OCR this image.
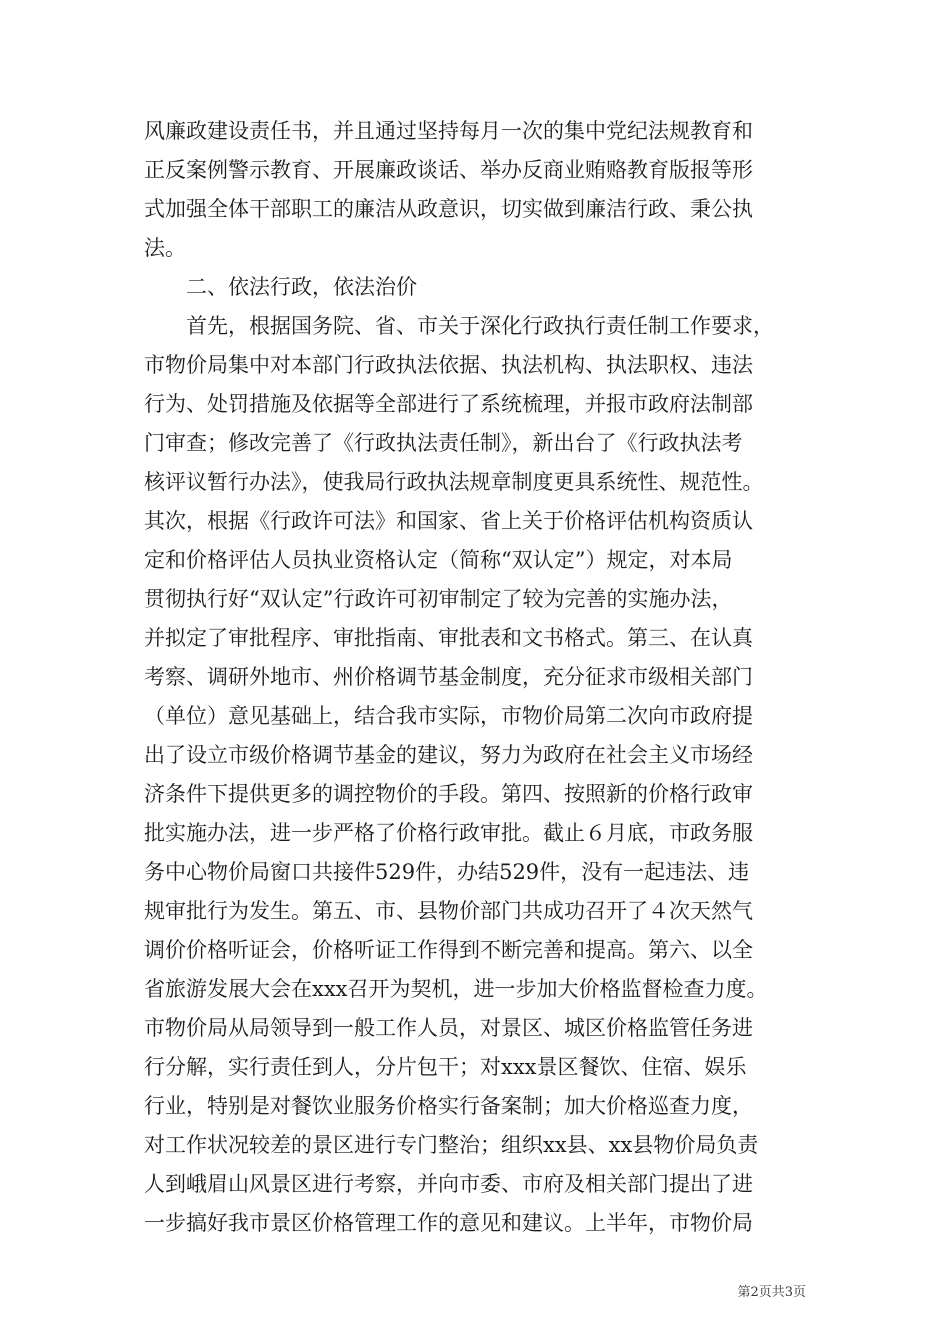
风廉政建设责任书，并且通过坚持每月一次的集中党纪法规教育和
正反案例警示教育、开展廉政谈话、举办反商业贿赂教育版报等形
式加强全体干部职工的廉洁从政意识，切实做到廉洁行政、秉公执
法。
　　二、依法行政，依法治价
　　首先，根据国务院、省、市关于深化行政执行责任制工作要求，
市物价局集中对本部门行政执法依据、执法机构、执法职权、违法
行为、处罚措施及依据等全部进行了系统梳理，并报市政府法制部
门审查；修改完善了《行政执法责任制》，新出台了《行政执法考
核评议暂行办法》，使我局行政执法规章制度更具系统性、规范性。
其次，根据《行政许可法》和国家、省上关于价格评估机构资质认
定和价格评估人员执业资格认定（简称“双认定”）规定，对本局
贯彻执行好“双认定”行政许可初审制定了较为完善的实施办法，
并拟定了审批程序、审批指南、审批表和文书格式。第三、在认真
考察、调研外地市、州价格调节基金制度，充分征求市级相关部门
（单位）意见基础上，结合我市实际，市物价局第二次向市政府提
出了设立市级价格调节基金的建议，努力为政府在社会主义市场经
济条件下提供更多的调控物价的手段。第四、按照新的价格行政审
批实施办法，进一步严格了价格行政审批。截止６月底，市政务服
务中心物价局窗口共接件529件，办结529件，没有一起违法、违
规审批行为发生。第五、市、县物价部门共成功召开了４次天然气
调价价格听证会，价格听证工作得到不断完善和提高。第六、以全
省旅游发展大会在xxx召开为契机，进一步加大价格监督检查力度。
市物价局从局领导到一般工作人员，对景区、城区价格监管任务进
行分解，实行责任到人，分片包干；对xxx景区餐饮、住宿、娱乐
行业，特别是对餐饮业服务价格实行备案制；加大价格巡查力度，
对工作状况较差的景区进行专门整治；组织xx县、xx县物价局负责
人到峨眉山风景区进行考察，并向市委、市府及相关部门提出了进
一步搞好我市景区价格管理工作的意见和建议。上半年，市物价局
第2页共3页
